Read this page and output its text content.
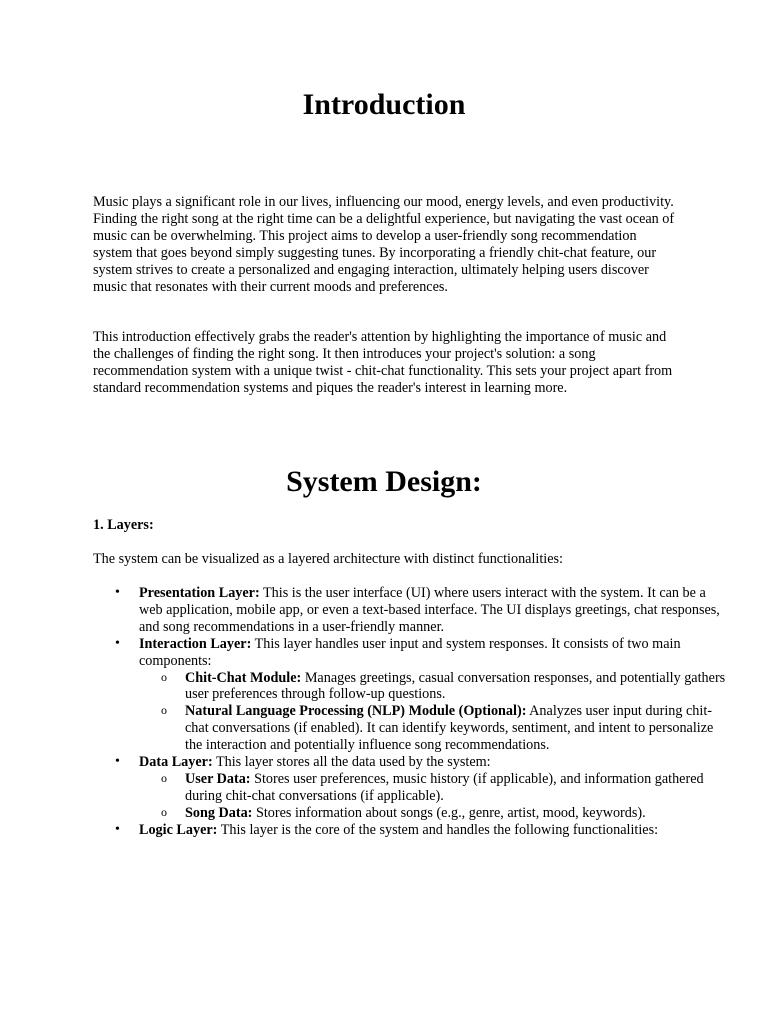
Introduction

Music plays a significant role in our lives, influencing our mood, energy levels, and even productivity. Finding the right song at the right time can be a delightful experience, but navigating the vast ocean of music can be overwhelming. This project aims to develop a user-friendly song recommendation system that goes beyond simply suggesting tunes. By incorporating a friendly chit-chat feature, our system strives to create a personalized and engaging interaction, ultimately helping users discover music that resonates with their current moods and preferences.

This introduction effectively grabs the reader's attention by highlighting the importance of music and the challenges of finding the right song. It then introduces your project's solution: a song recommendation system with a unique twist - chit-chat functionality. This sets your project apart from standard recommendation systems and piques the reader's interest in learning more.

System Design:

1. Layers:

The system can be visualized as a layered architecture with distinct functionalities:

• Presentation Layer: This is the user interface (UI) where users interact with the system. It can be a web application, mobile app, or even a text-based interface. The UI displays greetings, chat responses, and song recommendations in a user-friendly manner.
• Interaction Layer: This layer handles user input and system responses. It consists of two main components:
o Chit-Chat Module: Manages greetings, casual conversation responses, and potentially gathers user preferences through follow-up questions.
o Natural Language Processing (NLP) Module (Optional): Analyzes user input during chit-chat conversations (if enabled). It can identify keywords, sentiment, and intent to personalize the interaction and potentially influence song recommendations.
• Data Layer: This layer stores all the data used by the system:
o User Data: Stores user preferences, music history (if applicable), and information gathered during chit-chat conversations (if applicable).
o Song Data: Stores information about songs (e.g., genre, artist, mood, keywords).
• Logic Layer: This layer is the core of the system and handles the following functionalities:
